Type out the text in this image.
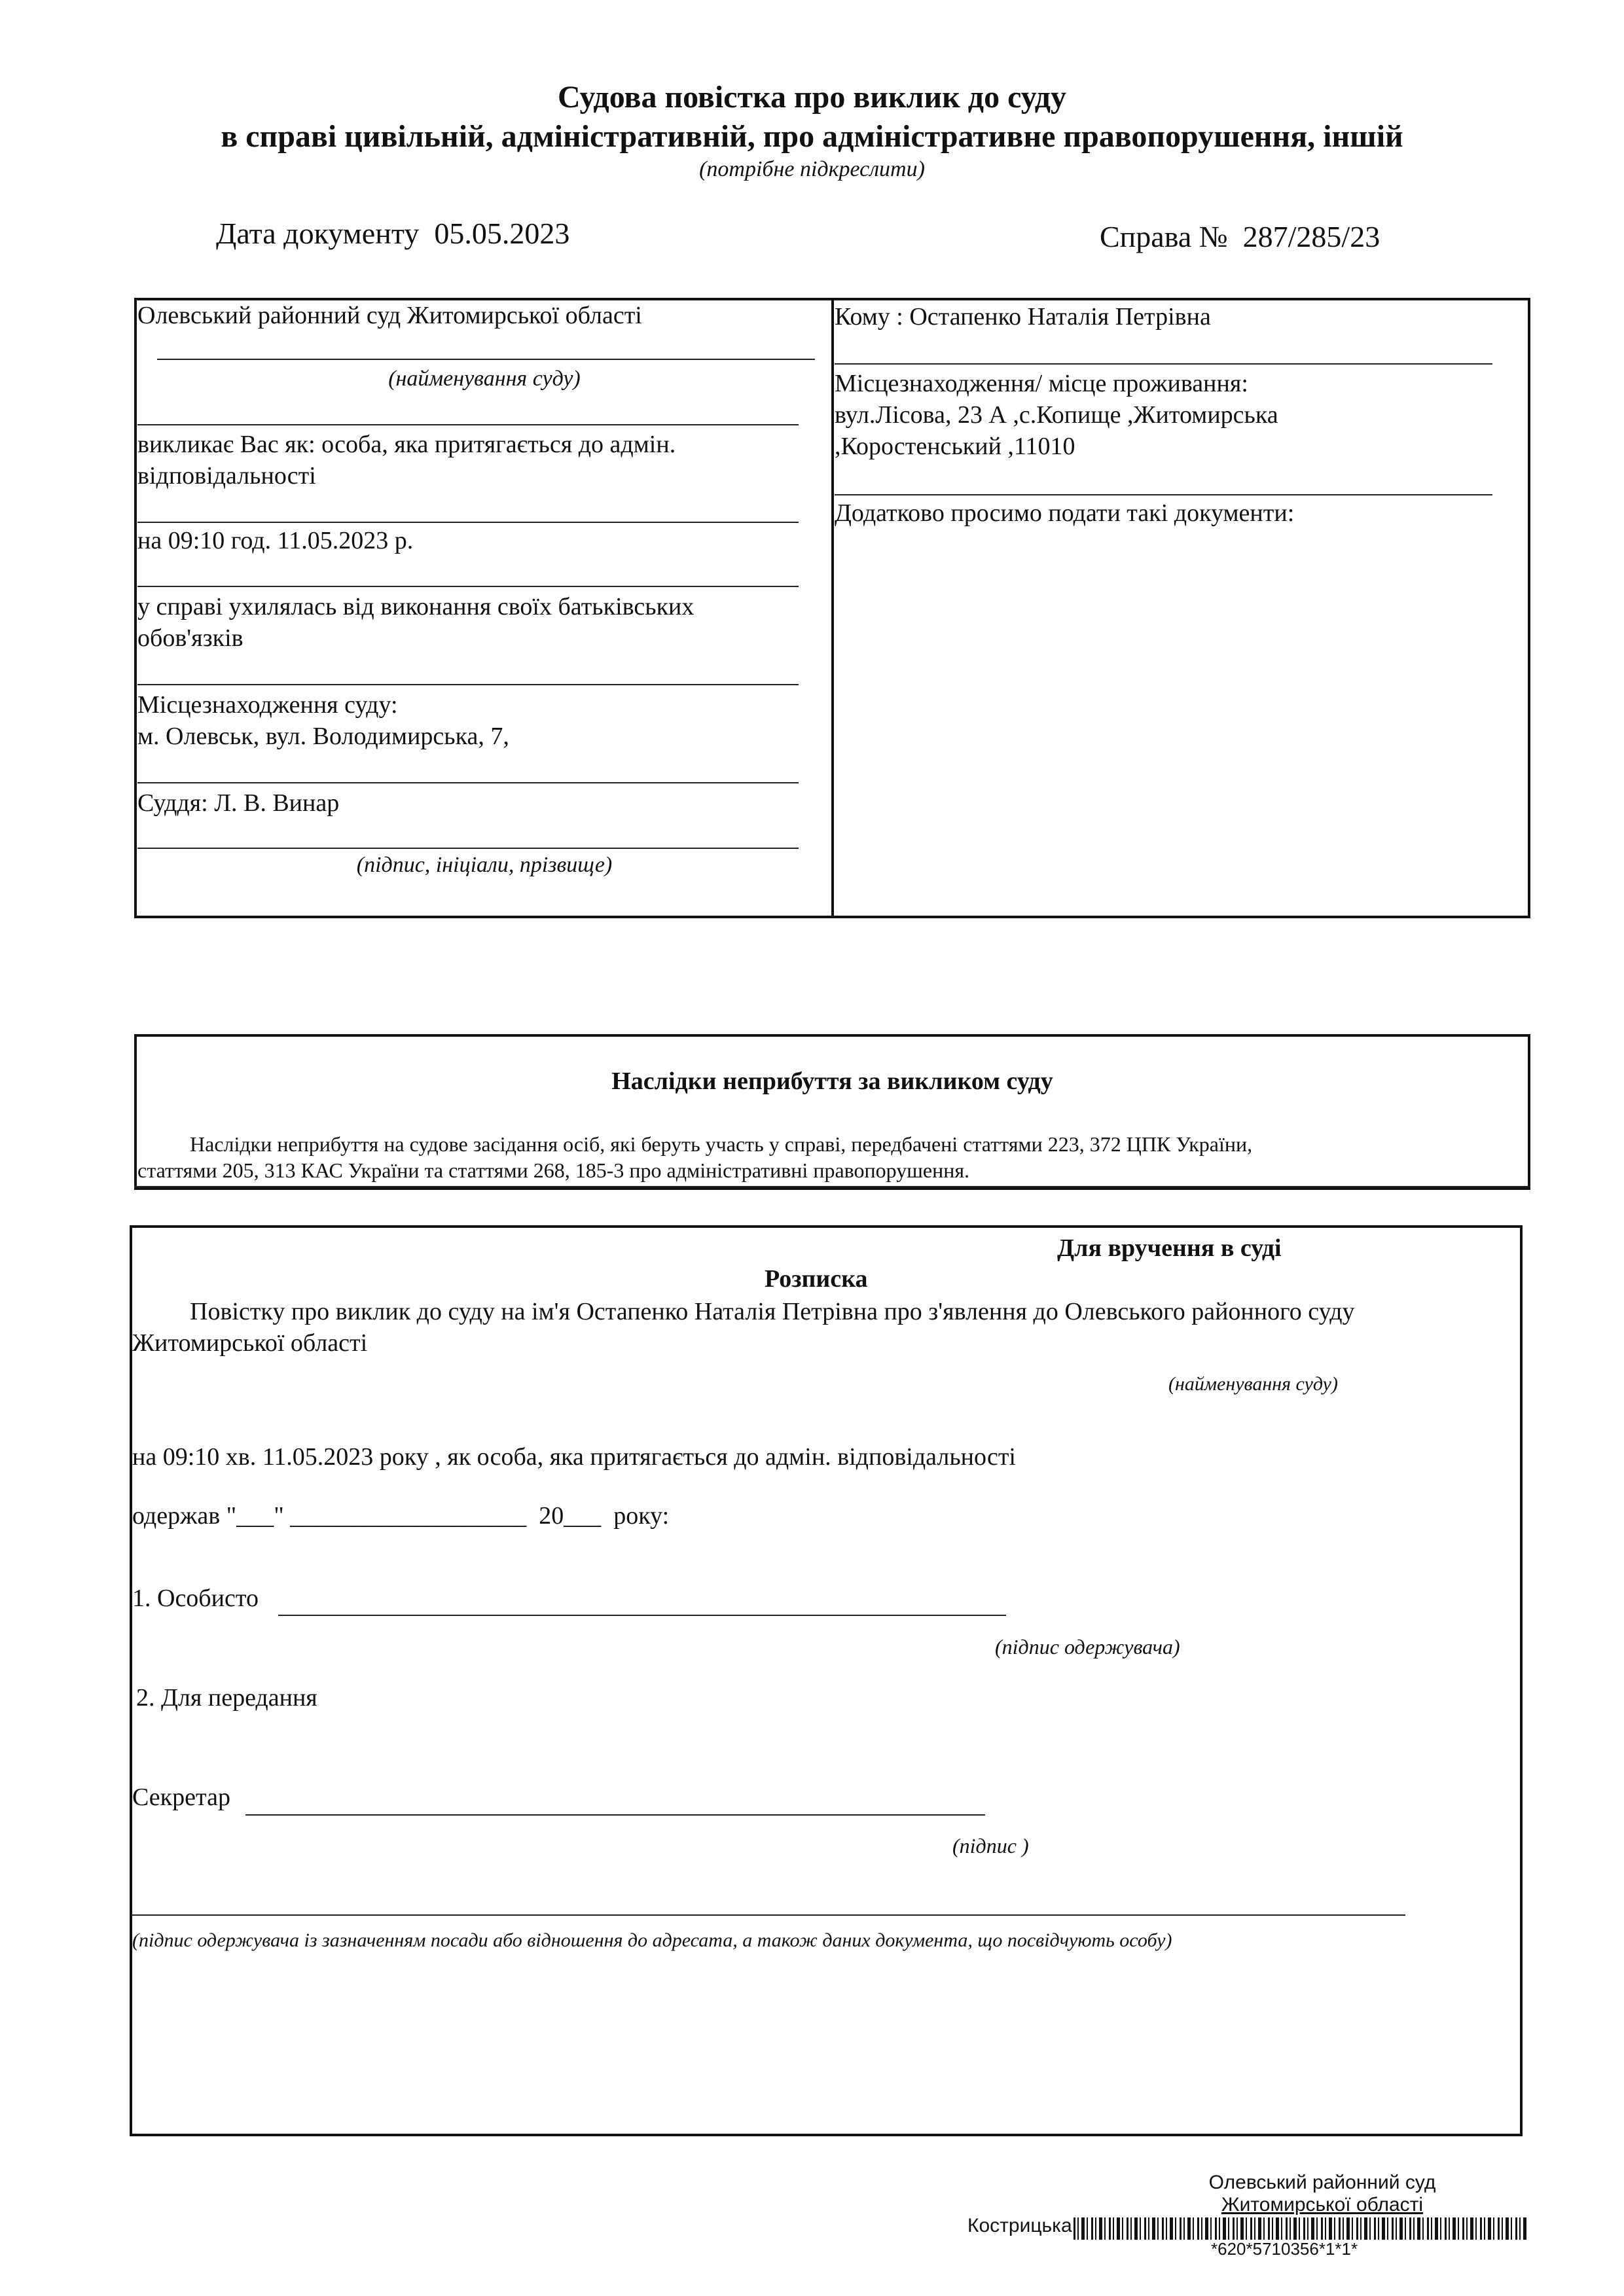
Судова повістка про виклик до суду
в справі цивільній, адміністративній, про адміністративне правопорушення, іншій
(потрібне підкреслити)
Дата документу 05.05.2023	Справа № 287/285/23
Олевський районний суд Житомирської області
(найменування суду)
викликає Вас як: особа, яка притягається до адмін.
відповідальності
на 09:10 год. 11.05.2023 р.
у справі ухилялась від виконання своїх батьківських
обов'язків
Місцезнаходження суду:
м. Олевськ, вул. Володимирська, 7,
Суддя: Л. В. Винар
(підпис, ініціали, прізвище)
Кому : Остапенко Наталія Петрівна
Місцезнаходження/ місце проживання:
вул.Лісова, 23 А ,с.Копище ,Житомирська
,Коростенський ,11010
Додатково просимо подати такі документи:
Наслідки неприбуття за викликом суду
Наслідки неприбуття на судове засідання осіб, які беруть участь у справі, передбачені статтями 223, 372 ЦПК України,
статтями 205, 313 КАС України та статтями 268, 185-3 про адміністративні правопорушення.
Для вручення в суді
Розписка
Повістку про виклик до суду на ім'я Остапенко Наталія Петрівна про з'явлення до Олевського районного суду
Житомирської області
(найменування суду)
на 09:10 хв. 11.05.2023 року , як особа, яка притягається до адмін. відповідальності
одержав "___" ___________________ 20___ року:
1. Особисто
(підпис одержувача)
2. Для передання
Секретар
(підпис )
(підпис одержувача із зазначенням посади або відношення до адресата, а також даних документа, що посвідчують особу)
Олевський районний суд
Житомирської області
Кострицька
*620*5710356*1*1*
